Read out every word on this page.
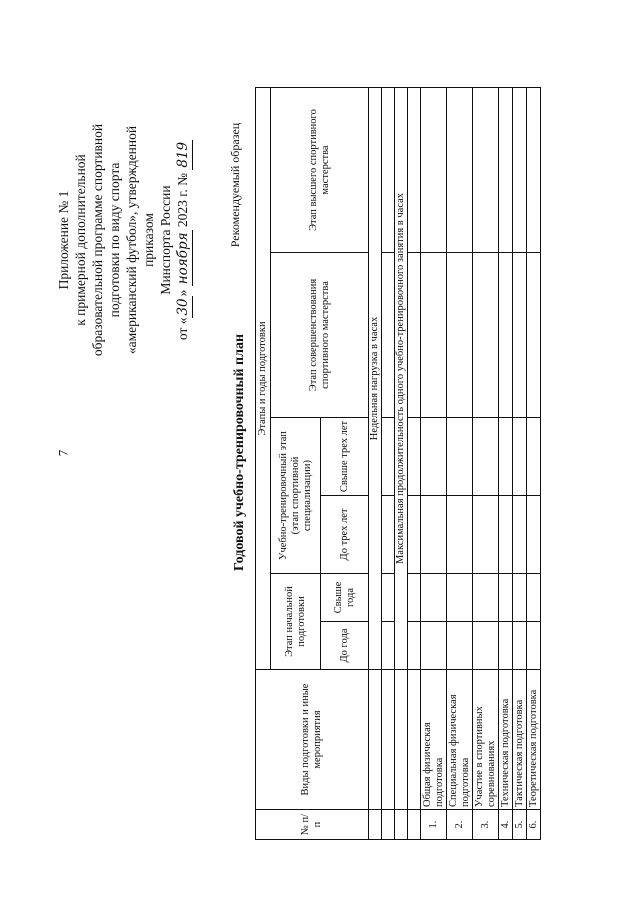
Приложение № 1 к примерной дополнительной образовательной программе спортивной подготовки по виду спорта «американский футбол», утвержденной приказом Минспорта России
от «30» ноября 2023 г. № 819	Рекомендуемый образец
Годовой учебно-тренировочный план
№ п/п	Виды подготовки и иные мероприятия	Этапы и годы подготовки					
		Этап начальной подготовки		Учебно-тренировочный этап (этап спортивной специализации)		Этап совершенствования спортивного мастерства	Этап высшего спортивного мастерства
		До года	Свыше года	До трех лет	Свыше трех лет		
		Недельная нагрузка в часах					

		Максимальная продолжительность одного учебно-тренировочного занятия в часах					

1.	Общая физическая подготовка						
2.	Специальная физическая подготовка						
3.	Участие в спортивных соревнованиях						
4.	Техническая подготовка						
5.	Тактическая подготовка						
6.	Теоретическая подготовка						
7
